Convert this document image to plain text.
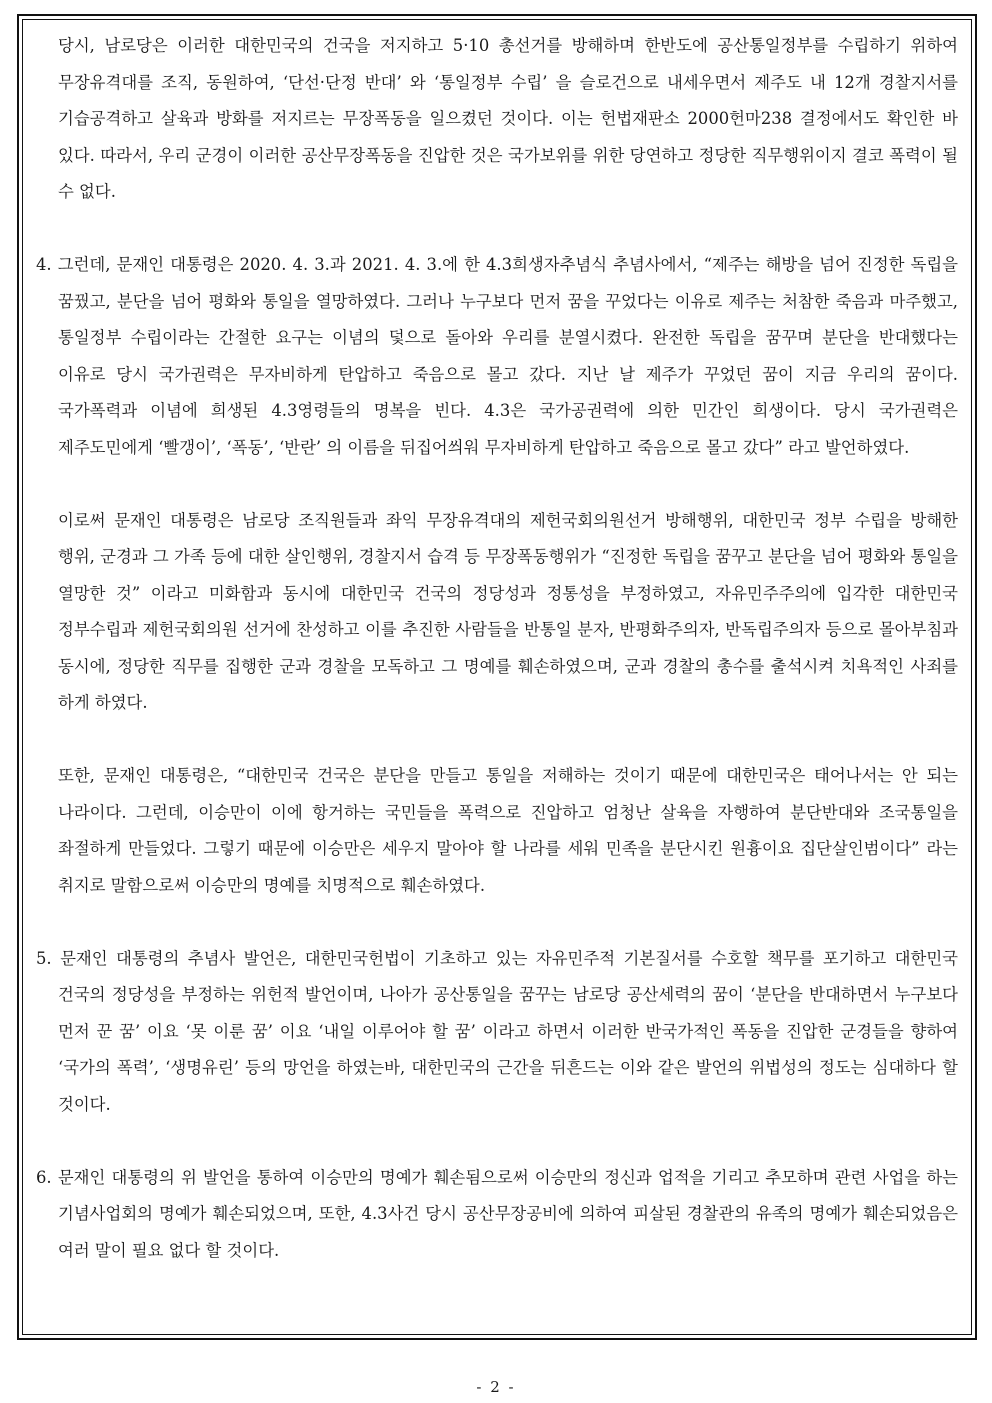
당시, 남로당은 이러한 대한민국의 건국을 저지하고 5·10 총선거를 방해하며 한반도에 공산통일정부를 수립하기 위하여 무장유격대를 조직, 동원하여, ‘단선·단정 반대’ 와 ‘통일정부 수립’ 을 슬로건으로 내세우면서 제주도 내 12개 경찰지서를 기습공격하고 살육과 방화를 저지르는 무장폭동을 일으켰던 것이다. 이는 헌법재판소 2000헌마238 결정에서도 확인한 바 있다. 따라서, 우리 군경이 이러한 공산무장폭동을 진압한 것은 국가보위를 위한 당연하고 정당한 직무행위이지 결코 폭력이 될 수 없다.

4. 그런데, 문재인 대통령은 2020. 4. 3.과 2021. 4. 3.에 한 4.3희생자추념식 추념사에서, “제주는 해방을 넘어 진정한 독립을 꿈꿨고, 분단을 넘어 평화와 통일을 열망하였다. 그러나 누구보다 먼저 꿈을 꾸었다는 이유로 제주는 처참한 죽음과 마주했고, 통일정부 수립이라는 간절한 요구는 이념의 덫으로 돌아와 우리를 분열시켰다. 완전한 독립을 꿈꾸며 분단을 반대했다는 이유로 당시 국가권력은 무자비하게 탄압하고 죽음으로 몰고 갔다. 지난 날 제주가 꾸었던 꿈이 지금 우리의 꿈이다. 국가폭력과 이념에 희생된 4.3영령들의 명복을 빈다. 4.3은 국가공권력에 의한 민간인 희생이다. 당시 국가권력은 제주도민에게 ‘빨갱이’, ‘폭동’, ‘반란’ 의 이름을 뒤집어씌워 무자비하게 탄압하고 죽음으로 몰고 갔다” 라고 발언하였다.

이로써 문재인 대통령은 남로당 조직원들과 좌익 무장유격대의 제헌국회의원선거 방해행위, 대한민국 정부 수립을 방해한 행위, 군경과 그 가족 등에 대한 살인행위, 경찰지서 습격 등 무장폭동행위가 “진정한 독립을 꿈꾸고 분단을 넘어 평화와 통일을 열망한 것” 이라고 미화함과 동시에 대한민국 건국의 정당성과 정통성을 부정하였고, 자유민주주의에 입각한 대한민국 정부수립과 제헌국회의원 선거에 찬성하고 이를 추진한 사람들을 반통일 분자, 반평화주의자, 반독립주의자 등으로 몰아부침과 동시에, 정당한 직무를 집행한 군과 경찰을 모독하고 그 명예를 훼손하였으며, 군과 경찰의 총수를 출석시켜 치욕적인 사죄를 하게 하였다.

또한, 문재인 대통령은, “대한민국 건국은 분단을 만들고 통일을 저해하는 것이기 때문에 대한민국은 태어나서는 안 되는 나라이다. 그런데, 이승만이 이에 항거하는 국민들을 폭력으로 진압하고 엄청난 살육을 자행하여 분단반대와 조국통일을 좌절하게 만들었다. 그렇기 때문에 이승만은 세우지 말아야 할 나라를 세워 민족을 분단시킨 원흉이요 집단살인범이다” 라는 취지로 말함으로써 이승만의 명예를 치명적으로 훼손하였다.

5. 문재인 대통령의 추념사 발언은, 대한민국헌법이 기초하고 있는 자유민주적 기본질서를 수호할 책무를 포기하고 대한민국 건국의 정당성을 부정하는 위헌적 발언이며, 나아가 공산통일을 꿈꾸는 남로당 공산세력의 꿈이 ‘분단을 반대하면서 누구보다 먼저 꾼 꿈’ 이요 ‘못 이룬 꿈’ 이요 ‘내일 이루어야 할 꿈’ 이라고 하면서 이러한 반국가적인 폭동을 진압한 군경들을 향하여 ‘국가의 폭력’, ‘생명유린’ 등의 망언을 하였는바, 대한민국의 근간을 뒤흔드는 이와 같은 발언의 위법성의 정도는 심대하다 할 것이다.

6. 문재인 대통령의 위 발언을 통하여 이승만의 명예가 훼손됨으로써 이승만의 정신과 업적을 기리고 추모하며 관련 사업을 하는 기념사업회의 명예가 훼손되었으며, 또한, 4.3사건 당시 공산무장공비에 의하여 피살된 경찰관의 유족의 명예가 훼손되었음은 여러 말이 필요 없다 할 것이다.

- 2 -
